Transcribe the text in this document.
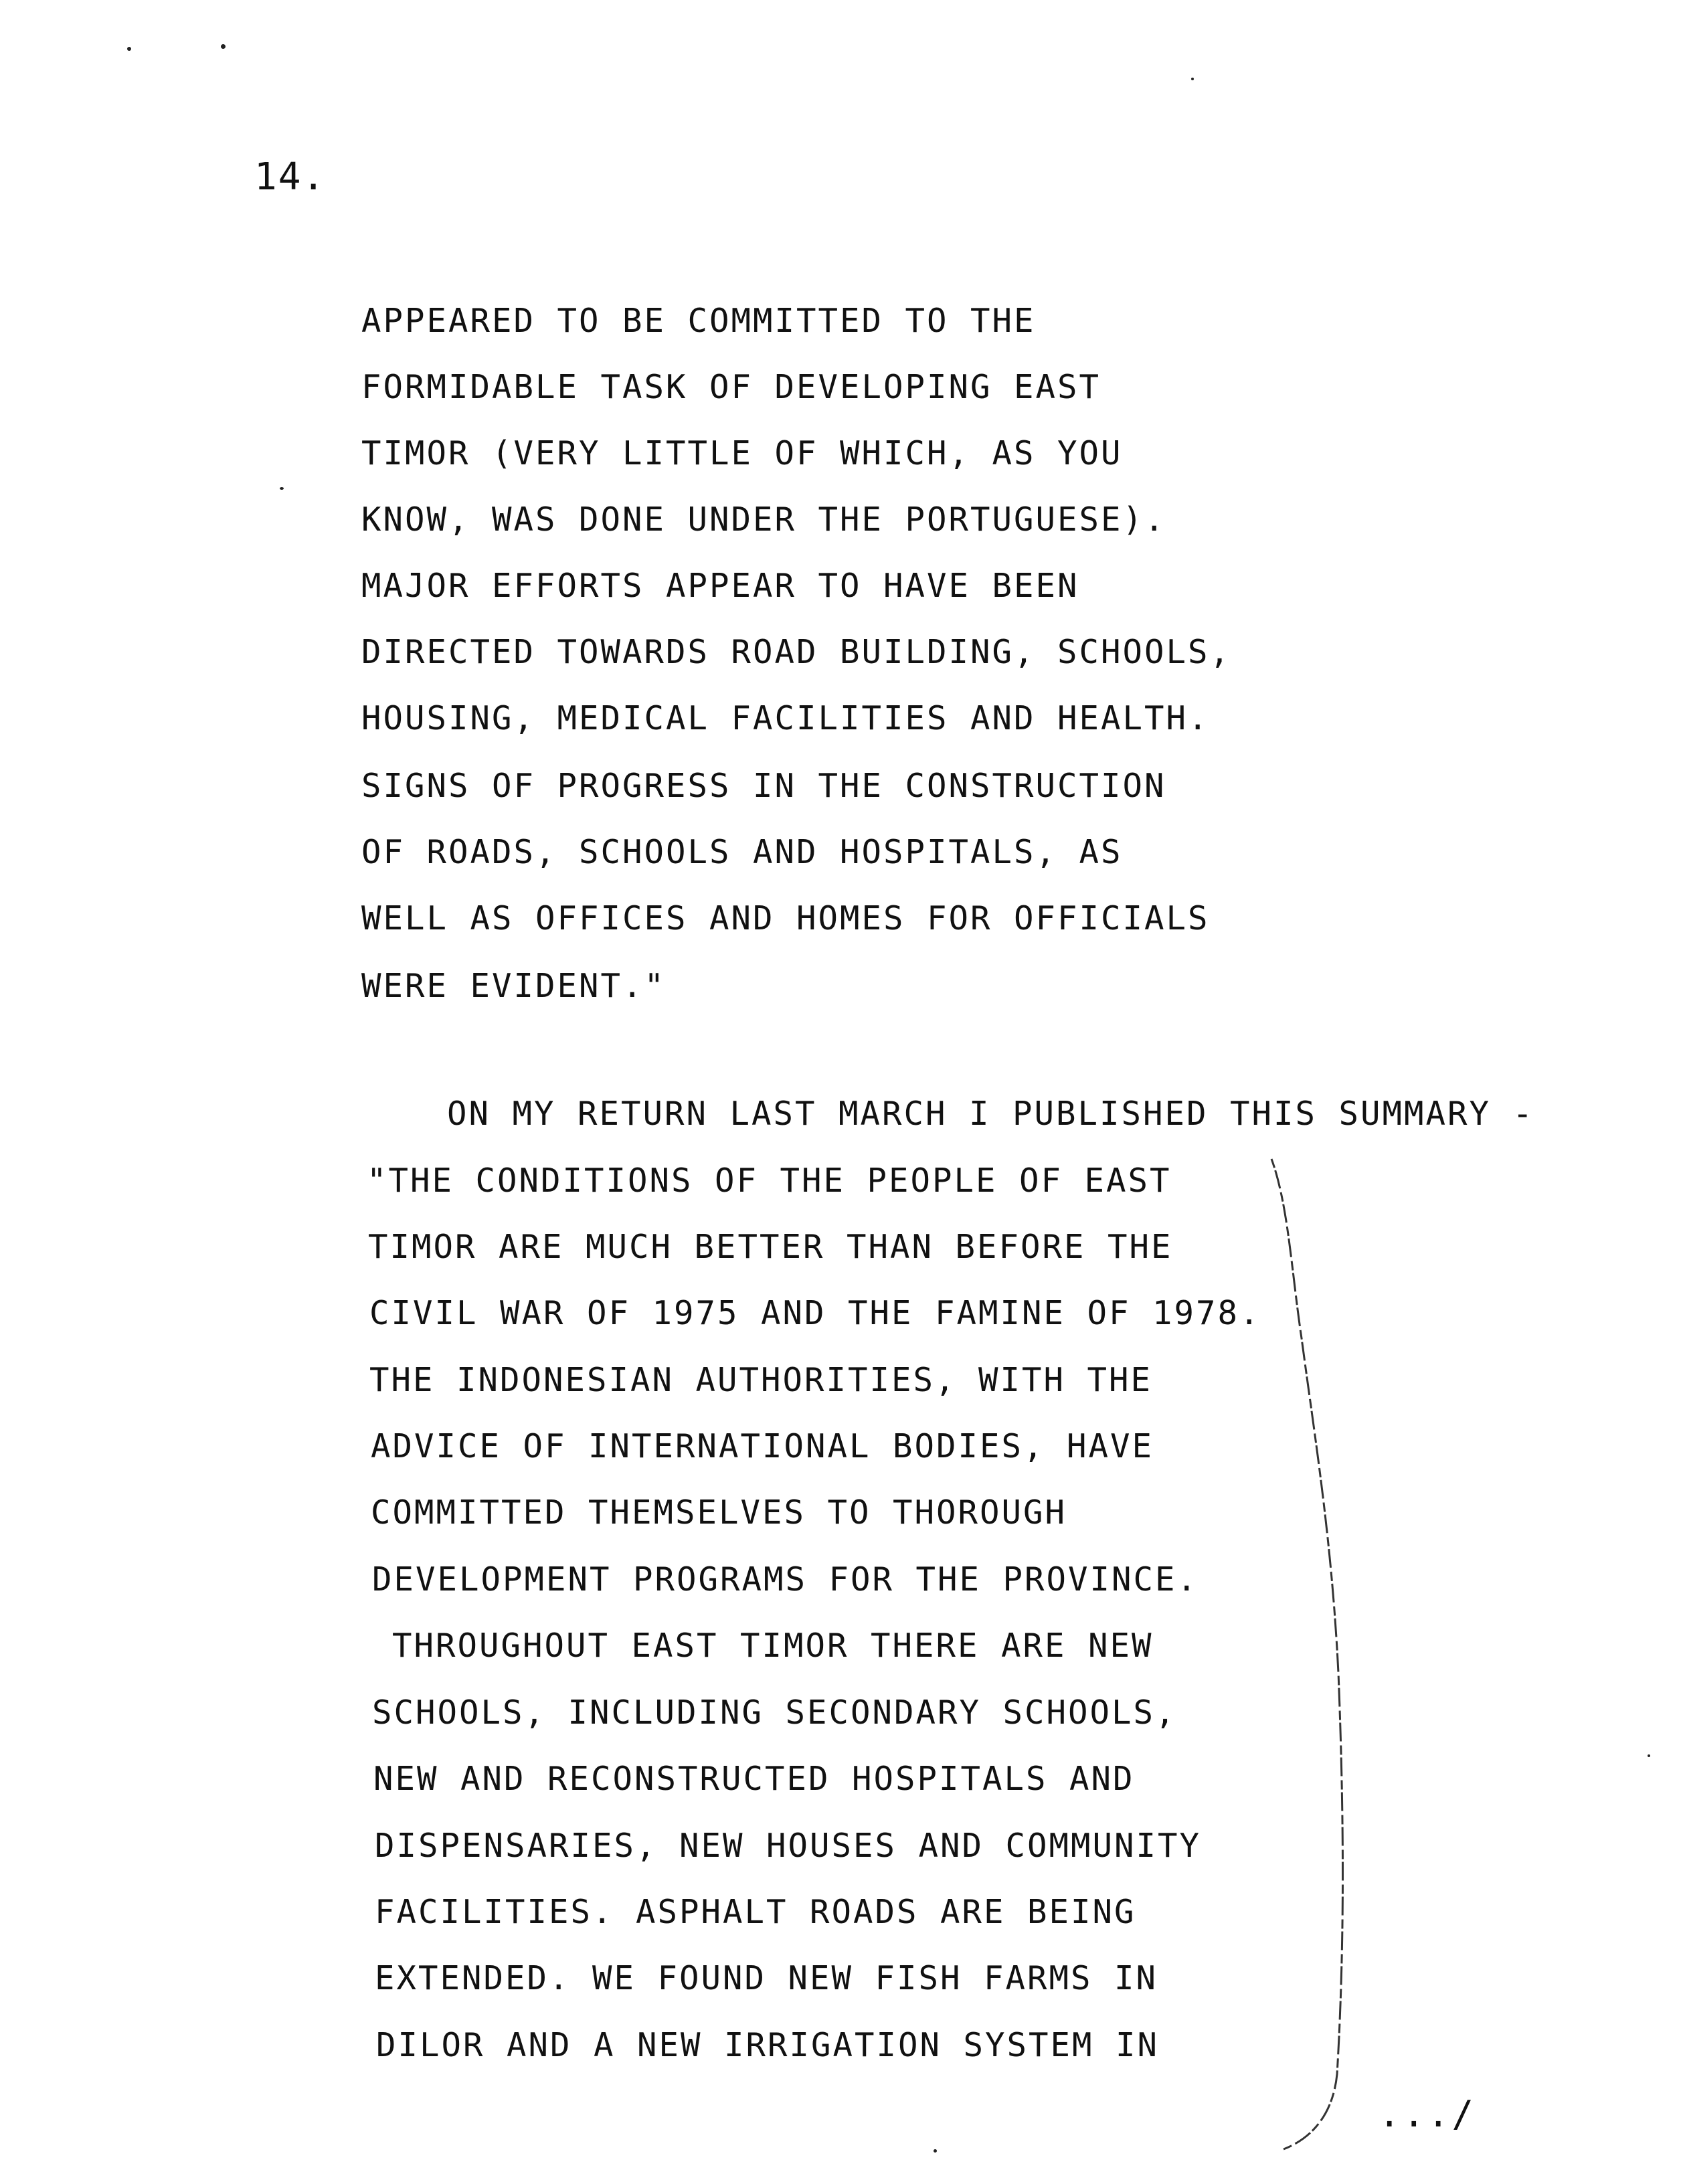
14.
APPEARED TO BE COMMITTED TO THE
FORMIDABLE TASK OF DEVELOPING EAST
TIMOR (VERY LITTLE OF WHICH, AS YOU
KNOW, WAS DONE UNDER THE PORTUGUESE).
MAJOR EFFORTS APPEAR TO HAVE BEEN
DIRECTED TOWARDS ROAD BUILDING, SCHOOLS,
HOUSING, MEDICAL FACILITIES AND HEALTH.
SIGNS OF PROGRESS IN THE CONSTRUCTION
OF ROADS, SCHOOLS AND HOSPITALS, AS
WELL AS OFFICES AND HOMES FOR OFFICIALS
WERE EVIDENT."
ON MY RETURN LAST MARCH I PUBLISHED THIS SUMMARY -
"THE CONDITIONS OF THE PEOPLE OF EAST
TIMOR ARE MUCH BETTER THAN BEFORE THE
CIVIL WAR OF 1975 AND THE FAMINE OF 1978.
THE INDONESIAN AUTHORITIES, WITH THE
ADVICE OF INTERNATIONAL BODIES, HAVE
COMMITTED THEMSELVES TO THOROUGH
DEVELOPMENT PROGRAMS FOR THE PROVINCE.
THROUGHOUT EAST TIMOR THERE ARE NEW
SCHOOLS, INCLUDING SECONDARY SCHOOLS,
NEW AND RECONSTRUCTED HOSPITALS AND
DISPENSARIES, NEW HOUSES AND COMMUNITY
FACILITIES. ASPHALT ROADS ARE BEING
EXTENDED. WE FOUND NEW FISH FARMS IN
DILOR AND A NEW IRRIGATION SYSTEM IN
.../
